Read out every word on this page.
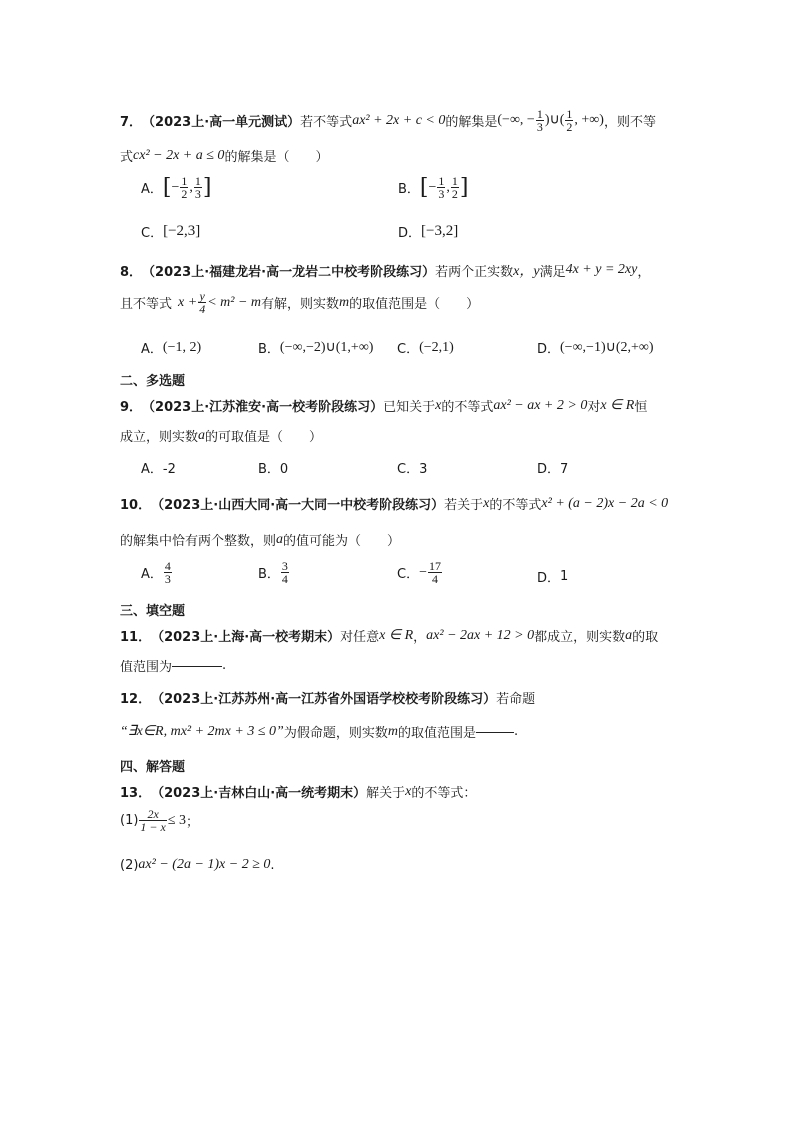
7． （2023上·高一单元测试） 若不等式 ax² + 2x + c < 0 的解集是 (−∞, − $\frac{1}{3}$ )∪( $\frac{1}{2}$ , +∞) ，则不等
式 cx² − 2x + a ≤ 0 的解集是（　　）
A． [ − $\frac{1}{2}$ , $\frac{1}{3}$ ]	B． [ − $\frac{1}{3}$ , $\frac{1}{2}$ ]
C． [−2,3]	D． [−3,2]
8． （2023上·福建龙岩·高一龙岩二中校考阶段练习） 若两个正实数 x，y 满足 4x + y = 2xy ，
且不等式 $x + \frac{y}{4} < m^2 - m$ 有解，则实数 m 的取值范围是（　　）
A． (−1, 2)	B． (−∞,−2)∪(1,+∞) C． (−2,1)	D． (−∞,−1)∪(2,+∞)
二、多选题
9． （2023上·江苏淮安·高一校考阶段练习） 已知关于 x 的不等式 ax² − ax + 2 > 0 对 x ∈ R 恒
成立，则实数 a 的可取值是（　　）
A．-2	B．0	C．3	D．7
10． （2023上·山西大同·高一大同一中校考阶段练习） 若关于 x 的不等式 x² + (a − 2)x − 2a < 0
的解集中恰有两个整数，则 a 的值可能为（　　）
A． $\frac{4}{3}$	B． $\frac{3}{4}$	C． − $\frac{17}{4}$	D． 1
三、填空题
11． （2023上·上海·高一校考期末） 对任意 x ∈ R ， ax² − 2ax + 12 > 0 都成立，则实数 a 的取
值范围为	.
12． （2023上·江苏苏州·高一江苏省外国语学校校考阶段练习） 若命题
“∃x∈R, mx² + 2mx + 3 ≤ 0” 为假命题，则实数 m 的取值范围是	.
四、解答题
13． （2023上·吉林白山·高一统考期末） 解关于 x 的不等式：
$(1) \frac{2x}{1 - x} \le 3$ ；
(2) ax² − (2a − 1)x − 2 ≥ 0 .
